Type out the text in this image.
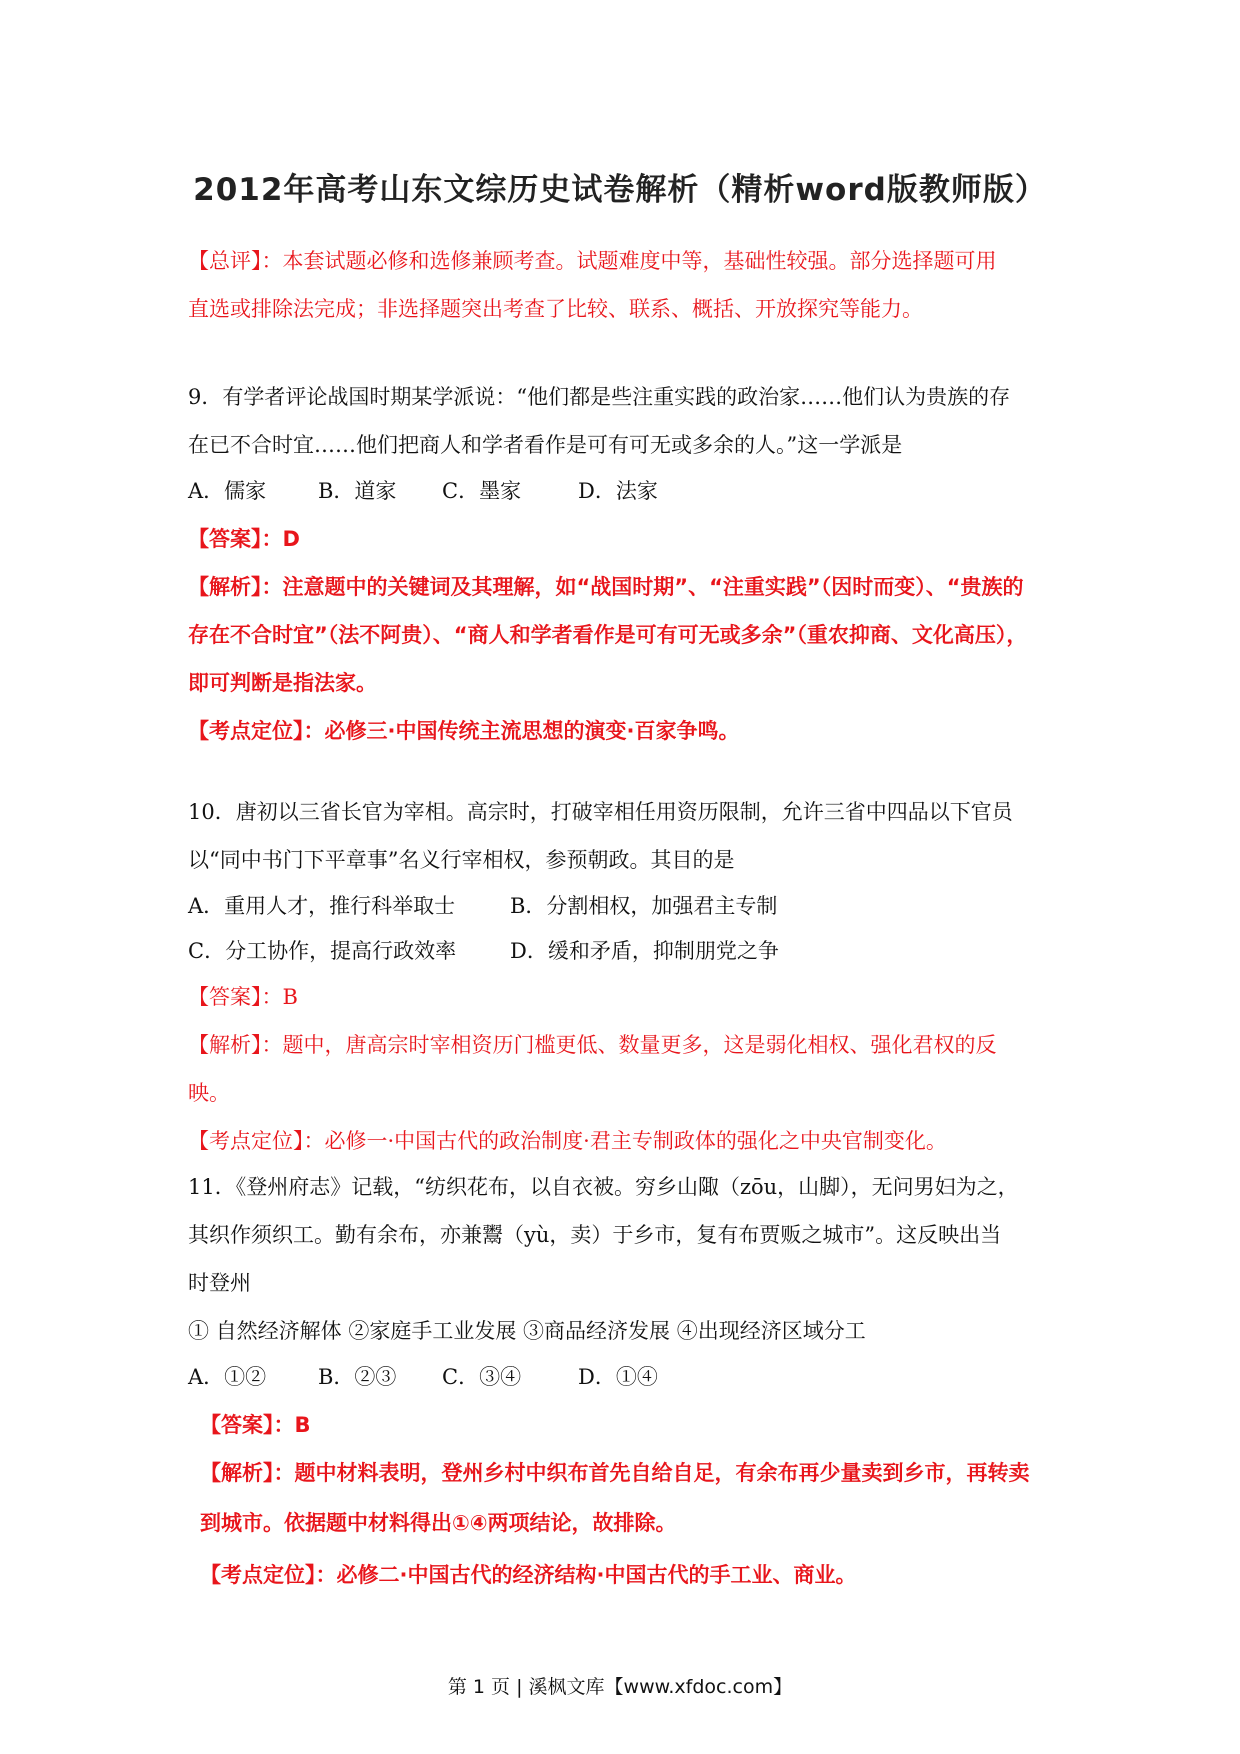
2012年高考山东文综历史试卷解析（精析word版教师版）
【总评】：本套试题必修和选修兼顾考查。试题难度中等，基础性较强。部分选择题可用
直选或排除法完成；非选择题突出考查了比较、联系、概括、开放探究等能力。
9．有学者评论战国时期某学派说：“他们都是些注重实践的政治家……他们认为贵族的存
在已不合时宜……他们把商人和学者看作是可有可无或多余的人。”这一学派是
A．儒家 B．道家 C．墨家	D．法家
【答案】：D
【解析】：注意题中的关键词及其理解，如“战国时期”、“注重实践”（因时而变）、“贵族的
存在不合时宜”（法不阿贵）、“商人和学者看作是可有可无或多余”（重农抑商、文化高压），
即可判断是指法家。
【考点定位】：必修三·中国传统主流思想的演变·百家争鸣。
10．唐初以三省长官为宰相。高宗时，打破宰相任用资历限制，允许三省中四品以下官员
以“同中书门下平章事”名义行宰相权，参预朝政。其目的是
A．重用人才，推行科举取士	B．分割相权，加强君主专制
C．分工协作，提高行政效率	D．缓和矛盾，抑制朋党之争
【答案】：B
【解析】：题中，唐高宗时宰相资历门槛更低、数量更多，这是弱化相权、强化君权的反
映。
【考点定位】：必修一·中国古代的政治制度·君主专制政体的强化之中央官制变化。
11．《登州府志》记载，“纺织花布，以自衣被。穷乡山陬（zōu，山脚），无问男妇为之，
其织作须织工。勤有余布，亦兼鬻（yù，卖）于乡市，复有布贾贩之城市”。这反映出当
时登州
① 自然经济解体 ②家庭手工业发展 ③商品经济发展 ④出现经济区域分工
A．①② B．②③ C．③④	D．①④
【答案】：B
【解析】：题中材料表明，登州乡村中织布首先自给自足，有余布再少量卖到乡市，再转卖
到城市。依据题中材料得出①④两项结论，故排除。
【考点定位】：必修二·中国古代的经济结构·中国古代的手工业、商业。
第 1 页 | 溪枫文库【www.xfdoc.com】
